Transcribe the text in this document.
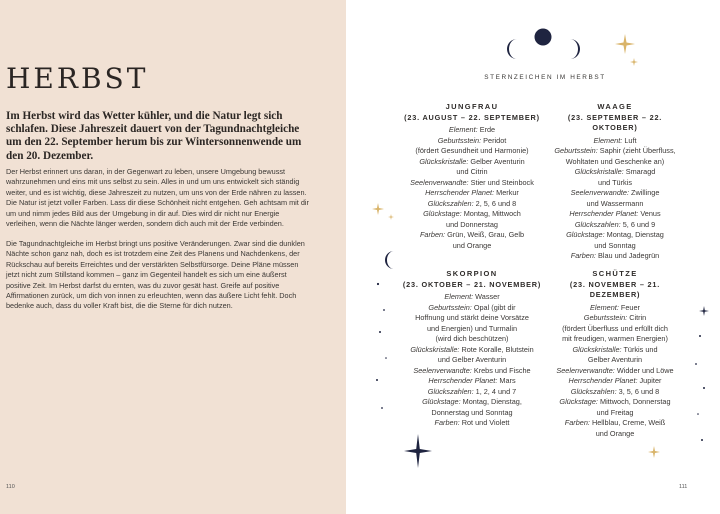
HERBST
Im Herbst wird das Wetter kühler, und die Natur legt sich schlafen. Diese Jahreszeit dauert von der Tagundnachtgleiche um den 22. September herum bis zur Wintersonnenwende um den 20. Dezember.
Der Herbst erinnert uns daran, in der Gegenwart zu leben, unsere Umgebung bewusst wahrzunehmen und eins mit uns selbst zu sein. Alles in und um uns entwickelt sich ständig weiter, und es ist wichtig, diese Jahreszeit zu nutzen, um uns von der Erde nähren zu lassen. Die Natur ist jetzt voller Farben. Lass dir diese Schönheit nicht entgehen. Geh achtsam mit dir um und nimm jedes Bild aus der Umgebung in dir auf. Dies wird dir nicht nur Energie verleihen, wenn die Nächte länger werden, sondern dich auch mit der Erde verbinden.
Die Tagundnachtgleiche im Herbst bringt uns positive Veränderungen. Zwar sind die dunklen Nächte schon ganz nah, doch es ist trotzdem eine Zeit des Planens und Nachdenkens, der Rückschau auf bereits Erreichtes und der verstärkten Selbstfürsorge. Deine Pläne müssen jetzt nicht zum Stillstand kommen – ganz im Gegenteil handelt es sich um eine äußerst positive Zeit. Im Herbst darfst du ernten, was du zuvor gesät hast. Greife auf positive Affirmationen zurück, um dich von innen zu erleuchten, wenn das äußere Licht fehlt. Doch bedenke auch, dass du voller Kraft bist, die die Sterne für dich nutzen.
110
STERNZEICHEN IM HERBST
JUNGFRAU
(23. AUGUST – 22. SEPTEMBER)
Element: Erde
Geburtsstein: Peridot
(fördert Gesundheit und Harmonie)
Glückskristalle: Gelber Aventurin
und Citrin
Seelenverwandte: Stier und Steinbock
Herrschender Planet: Merkur
Glückszahlen: 2, 5, 6 und 8
Glückstage: Montag, Mittwoch
und Donnerstag
Farben: Grün, Weiß, Grau, Gelb
und Orange
WAAGE
(23. SEPTEMBER – 22. OKTOBER)
Element: Luft
Geburtsstein: Saphir (zieht Überfluss,
Wohltaten und Geschenke an)
Glückskristalle: Smaragd
und Türkis
Seelenverwandte: Zwillinge
und Wassermann
Herrschender Planet: Venus
Glückszahlen: 5, 6 und 9
Glückstage: Montag, Dienstag
und Sonntag
Farben: Blau und Jadegrün
SKORPION
(23. OKTOBER – 21. NOVEMBER)
Element: Wasser
Geburtsstein: Opal (gibt dir
Hoffnung und stärkt deine Vorsätze
und Energien) und Turmalin
(wird dich beschützen)
Glückskristalle: Rote Koralle, Blutstein
und Gelber Aventurin
Seelenverwandte: Krebs und Fische
Herrschender Planet: Mars
Glückszahlen: 1, 2, 4 und 7
Glückstage: Montag, Dienstag,
Donnerstag und Sonntag
Farben: Rot und Violett
SCHÜTZE
(23. NOVEMBER – 21. DEZEMBER)
Element: Feuer
Geburtsstein: Citrin
(fördert Überfluss und erfüllt dich
mit freudigen, warmen Energien)
Glückskristalle: Türkis und
Gelber Aventurin
Seelenverwandte: Widder und Löwe
Herrschender Planet: Jupiter
Glückszahlen: 3, 5, 6 und 8
Glückstage: Mittwoch, Donnerstag
und Freitag
Farben: Hellblau, Creme, Weiß
und Orange
111
